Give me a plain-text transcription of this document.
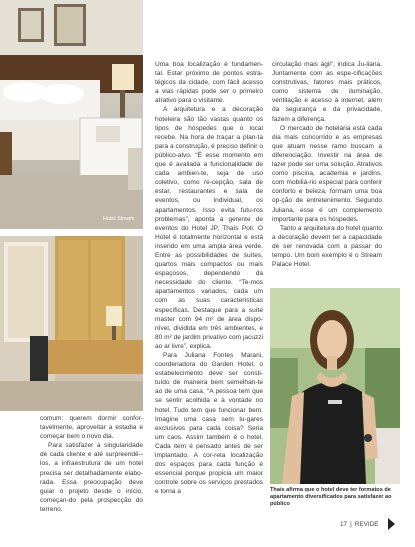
Hotel Stream

comum: querem dormir confor-tavelmente, aproveitar a estadia e começar bem o novo dia.

Para satisfazer a singularidade de cada cliente e até surpreendê--los, a infraestrutura de um hotel precisa ser detalhadamente elabo-rada. Essa preocupação deve guiar o projeto desde o início, começan-do pela prospecção do terreno.

Uma boa localização é fundamen-tal. Estar próximo de pontos estra-tégicos da cidade, com fácil acesso a vias rápidas pode ser o primeiro atrativo para o visitante.

A arquitetura e a decoração hoteleira são tão vastas quanto os tipos de hóspedes que o local recebe. Na hora de traçar a plan-ta para a construção, é preciso definir o público-alvo. “É esse momento em que é avaliada a funcionalidade de cada ambien-te, seja de uso coletivo, como re-cepção, sala de estar, restaurantes e sala de eventos, ou individual, os apartamentos. Isso evita futu-ros problemas”, aponta a gerente de eventos do Hotel JP, Thaís Poli. O Hotel é totalmente horizontal e está inserido em uma ampla área verde. Entre as possibilidades de suítes, quartos mais compactos ou mais espaçosos, dependendo da necessidade do cliente. “Te-mos apartamentos variados, cada um com as suas características específicas. Destaque para a suíte master com 94 m² de área dispo-nível, dividida em três ambientes, e 80 m² de jardim privativo com jacuzzi ao ar livre”, explica.

Para Juliana Fontes Marani, coordenadora do Garden Hotel, o estabelecimento deve ser consti-tuído de maneira bem semelhan-te ao de uma casa. “A pessoa tem que se sentir acolhida e à vontade no hotel. Tudo tem que funcionar bem. Imagine uma casa sem lu-gares exclusivos para cada coisa? Seria um caos. Assim também é o hotel. Cada item é pensado antes de ser implantado. A cor-reta localização dos espaços para cada função é essencial porque propicia um maior controle sobre os serviços prestados e torna a

circulação mais ágil”, indica Ju-liana. Juntamente com as espe-cificações construtivas, fatores mais práticos, como sistema de iluminação, ventilação e acesso à internet, além da segurança e da privacidade, fazem a diferença.

O mercado de hotelaria está cada dia mais concorrido e as empresas que atuam nesse ramo buscam a diferenciação. Investir na área de lazer pode ser uma solução. Atrativos como piscina, academia e jardins, com mobiliá-rio especial para conferir conforto e beleza, formam uma boa op-ção de entretenimento. Segundo Juliana, esse é um complemento importante para os hóspedes.

Tanto a arquitetura do hotel quanto a decoração devem ter a capacidade de ser renovada com o passar do tempo. Um bom exemplo é o Stream Palace Hotel.

Thaís afirma que o hotel deve ter formatos de apartamento diversificados para satisfazer ao público
17 | REVIDE
